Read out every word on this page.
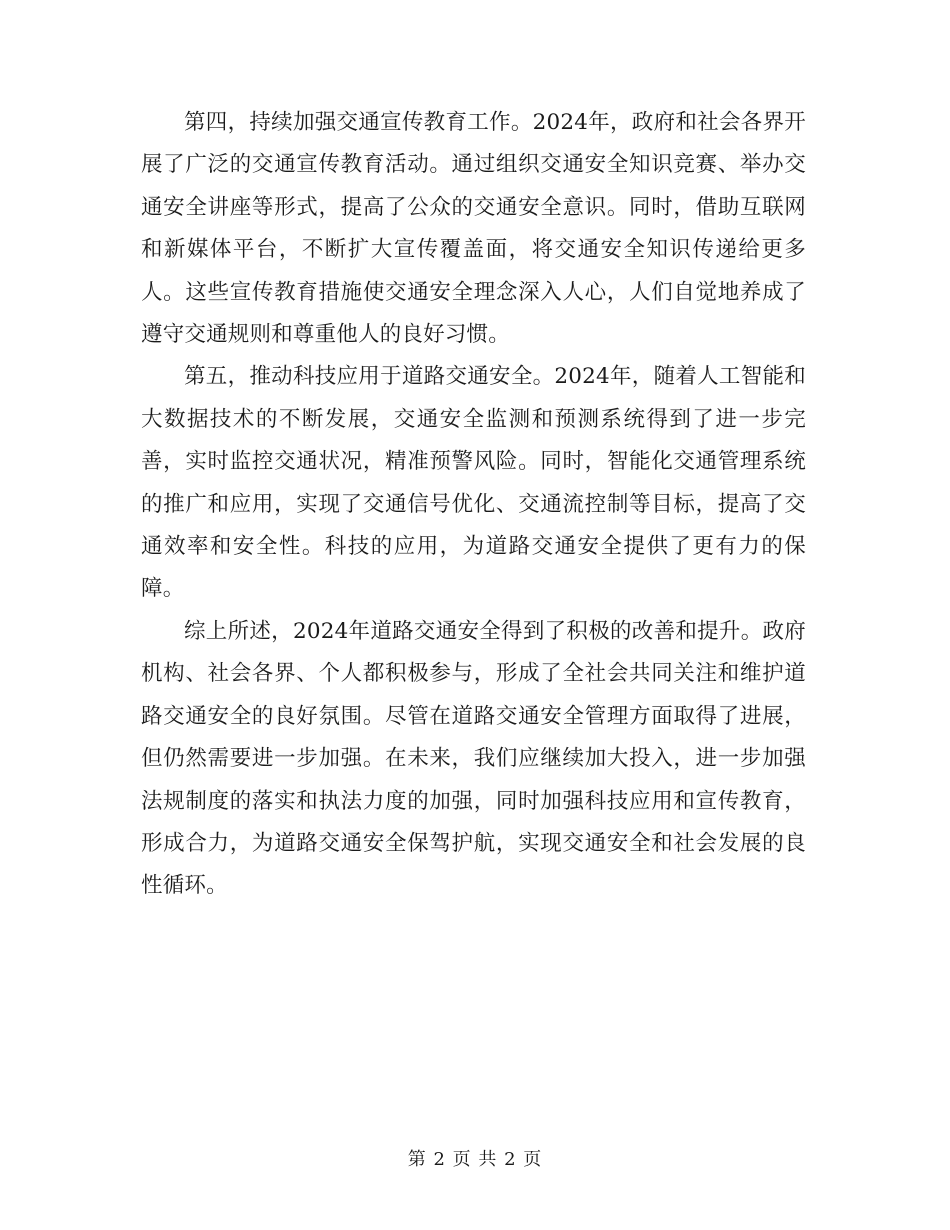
第四，持续加强交通宣传教育工作。2024年，政府和社会各界开展了广泛的交通宣传教育活动。通过组织交通安全知识竞赛、举办交通安全讲座等形式，提高了公众的交通安全意识。同时，借助互联网和新媒体平台，不断扩大宣传覆盖面，将交通安全知识传递给更多人。这些宣传教育措施使交通安全理念深入人心，人们自觉地养成了遵守交通规则和尊重他人的良好习惯。

第五，推动科技应用于道路交通安全。2024年，随着人工智能和大数据技术的不断发展，交通安全监测和预测系统得到了进一步完善，实时监控交通状况，精准预警风险。同时，智能化交通管理系统的推广和应用，实现了交通信号优化、交通流控制等目标，提高了交通效率和安全性。科技的应用，为道路交通安全提供了更有力的保障。

综上所述，2024年道路交通安全得到了积极的改善和提升。政府机构、社会各界、个人都积极参与，形成了全社会共同关注和维护道路交通安全的良好氛围。尽管在道路交通安全管理方面取得了进展，但仍然需要进一步加强。在未来，我们应继续加大投入，进一步加强法规制度的落实和执法力度的加强，同时加强科技应用和宣传教育，形成合力，为道路交通安全保驾护航，实现交通安全和社会发展的良性循环。

第 2 页 共 2 页
